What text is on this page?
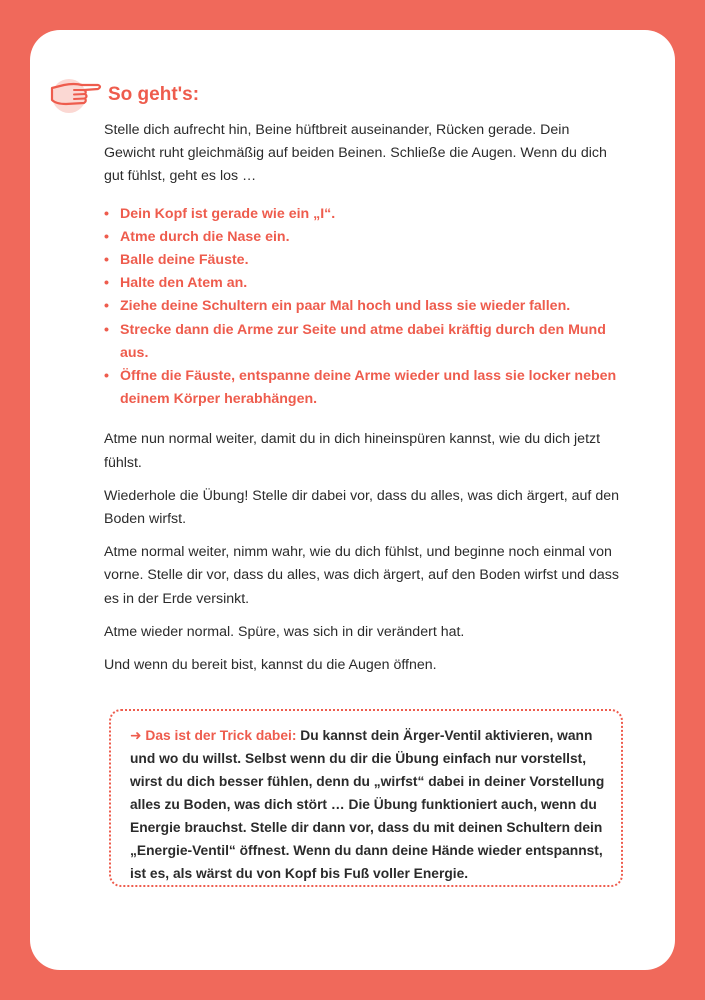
So geht's:

Stelle dich aufrecht hin, Beine hüftbreit auseinander, Rücken gerade. Dein Gewicht ruht gleichmäßig auf beiden Beinen. Schließe die Augen. Wenn du dich gut fühlst, geht es los …

• Dein Kopf ist gerade wie ein „I“.
• Atme durch die Nase ein.
• Balle deine Fäuste.
• Halte den Atem an.
• Ziehe deine Schultern ein paar Mal hoch und lass sie wieder fallen.
• Strecke dann die Arme zur Seite und atme dabei kräftig durch den Mund aus.
• Öffne die Fäuste, entspanne deine Arme wieder und lass sie locker neben deinem Körper herabhängen.

Atme nun normal weiter, damit du in dich hineinspüren kannst, wie du dich jetzt fühlst.

Wiederhole die Übung! Stelle dir dabei vor, dass du alles, was dich ärgert, auf den Boden wirfst.

Atme normal weiter, nimm wahr, wie du dich fühlst, und beginne noch einmal von vorne. Stelle dir vor, dass du alles, was dich ärgert, auf den Boden wirfst und dass es in der Erde versinkt.

Atme wieder normal. Spüre, was sich in dir verändert hat.

Und wenn du bereit bist, kannst du die Augen öffnen.

➜ Das ist der Trick dabei: Du kannst dein Ärger-Ventil aktivieren, wann und wo du willst. Selbst wenn du dir die Übung einfach nur vorstellst, wirst du dich besser fühlen, denn du „wirfst“ dabei in deiner Vorstellung alles zu Boden, was dich stört … Die Übung funktioniert auch, wenn du Energie brauchst. Stelle dir dann vor, dass du mit deinen Schultern dein „Energie-Ventil“ öffnest. Wenn du dann deine Hände wieder entspannst, ist es, als wärst du von Kopf bis Fuß voller Energie.
